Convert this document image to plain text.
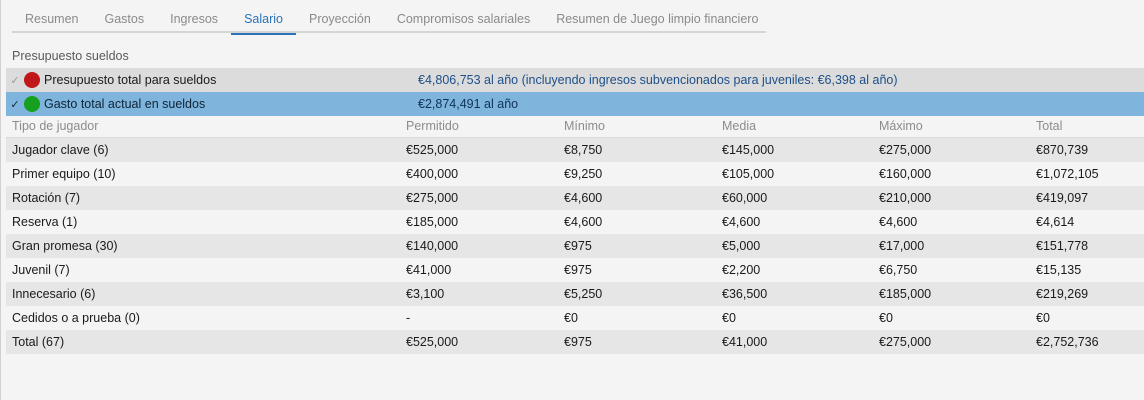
Resumen	Gastos	Ingresos	Salario	Proyección	Compromisos salariales	Resumen de Juego limpio financiero
Presupuesto sueldos
✓	Presupuesto total para sueldos	€4,806,753 al año (incluyendo ingresos subvencionados para juveniles: €6,398 al año)
✓	Gasto total actual en sueldos	€2,874,491 al año
Tipo de jugador	Permitido	Mínimo	Media	Máximo	Total
Jugador clave (6)	€525,000	€8,750	€145,000	€275,000	€870,739
Primer equipo (10)	€400,000	€9,250	€105,000	€160,000	€1,072,105
Rotación (7)	€275,000	€4,600	€60,000	€210,000	€419,097
Reserva (1)	€185,000	€4,600	€4,600	€4,600	€4,614
Gran promesa (30)	€140,000	€975	€5,000	€17,000	€151,778
Juvenil (7)	€41,000	€975	€2,200	€6,750	€15,135
Innecesario (6)	€3,100	€5,250	€36,500	€185,000	€219,269
Cedidos o a prueba (0)	-	€0	€0	€0	€0
Total (67)	€525,000	€975	€41,000	€275,000	€2,752,736
